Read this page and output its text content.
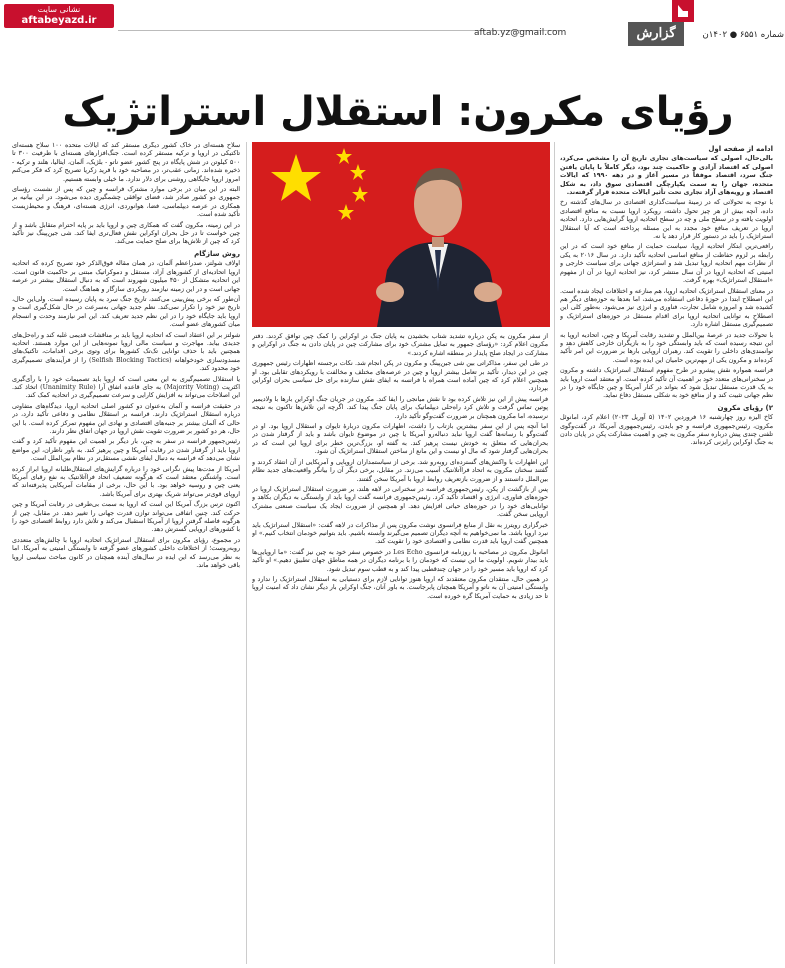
نشانی سایت
aftabeyazd.ir
aftab.yz@gmail.com	گزارش	شماره ۶۵۵۱ ● ۱۴۰۲ن
رؤیای مکرون: استقلال استراتژیک
ادامه از صفحه اول

بالی‌حال، اصولی که سیاست‌های تجاری تاریخ آن را مشخص می‌کرد، اصولی که اقتصاد آزادی و حاکمیت چند بود، دیگر کاملاً با پایان یافتن جنگ سرد، اقتصاد موفقاً در مسیر آغاز و در دهه ۱۹۹۰ که ایالات متحده، جهان را به سمت یکپارچگی اقتصادی سوق داد، به شکل اقتصاد و رویه‌های آزاد تجاری تحت تأثیر ایالات متحده قرار گرفته‌ند.

با توجه به تحولاتی که در زمینهٔ سیاست‌گذاری اقتصادی در سال‌های گذشته رخ داده، آنچه بیش از هر چیز تحول داشته، رویکرد اروپا نسبت به منافع اقتصادی اولویت یافته و در سطح ملی و چه در سطح اتحادیه اروپا گرایش‌هایی دارد. اتحادیه اروپا در تعریف منافع خود مجدد به این مسئله پرداخته است که آیا استقلال استراتژیک را باید در دستور کار قرار دهد یا نه.

رافعی‌ترین ابتکار اتحادیه اروپا، سیاست حمایت از منافع خود است که در این رابطه بر لزوم حفاظت از منافع اساسی اتحادیه تأکید دارد. در سال ۲۰۱۶ به یکی از نظرات مهم اتحادیه اروپا تبدیل شد و استراتژی جهانی برای سیاست خارجی و امنیتی که اتحادیه اروپا در آن سال منتشر کرد، نیز اتحادیه اروپا در آن از مفهوم «استقلال استراتژیک» بهره گرفت.

در معنای استقلال استراتژیک اتحادیه اروپا، هم منازعه و اختلافات ایجاد شده است. این اصطلاح ابتدا در حوزهٔ دفاعی استفاده می‌شد، اما بعدها به حوزه‌های دیگر هم کشیده شد و امروزه شامل تجارت، فناوری و انرژی نیز می‌شود. به‌طور کلی این اصطلاح به توانایی اتحادیه اروپا برای اقدام مستقل در حوزه‌های استراتژیک و تصمیم‌گیری مستقل اشاره دارد.

با تحولات جدید در عرصهٔ بین‌الملل و تشدید رقابت آمریکا و چین، اتحادیه اروپا به این نتیجه رسیده است که باید وابستگی خود را به بازیگران خارجی کاهش دهد و توانمندی‌های داخلی را تقویت کند. رهبران اروپایی بارها بر ضرورت این امر تأکید کرده‌اند و مکرون یکی از مهم‌ترین حامیان این ایده بوده است.

فرانسه همواره نقش پیشرو در طرح مفهوم استقلال استراتژیک داشته و مکرون در سخنرانی‌های متعدد خود بر اهمیت آن تأکید کرده است. او معتقد است اروپا باید به یک قدرت مستقل تبدیل شود که بتواند در کنار آمریکا و چین جایگاه خود را در نظم جهانی تثبیت کند و از منافع خود به شکلی مستقل دفاع نماید.

۲) رؤیای مکرون

کاخ الیزه روز چهارشنبه ۱۶ فروردین ۱۴۰۲ (۵ آوریل ۲۰۲۳) اعلام کرد، امانوئل مکرون، رئیس‌جمهوری فرانسه و جو بایدن، رئیس‌جمهوری آمریکا، در گفت‌وگوی تلفنی چندی پیش درباره سفر مکرون به چین و اهمیت مشارکت پکن در پایان دادن به جنگ اوکراین رایزنی کرده‌اند.

از سفر مکرون به پکن درباره تشدید شتاب بخشیدن به پایان جنگ در اوکراین را کمک چین توافق کردند. دفتر مکرون اعلام کرد: «رؤسای جمهور به تمایل مشترک خود برای مشارکت چین در پایان دادن به جنگ در اوکراین و مشارکت در ایجاد صلح پایدار در منطقه اشاره کردند.»

در طی این سفر، مذاکراتی بین شی جین‌پینگ و مکرون در پکن انجام شد. نکات برجسته اظهارات رئیس جمهوری چین در این دیدار، تأکید بر تعامل بیشتر اروپا و چین در عرصه‌های مختلف و مخالفت با رویکردهای تقابلی بود. او همچنین اعلام کرد که چین آماده است همراه با فرانسه به ایفای نقش سازنده برای حل سیاسی بحران اوکراین بپردازد.

فرانسه پیش از این نیز تلاش کرده بود تا نقش میانجی را ایفا کند. مکرون در جریان جنگ اوکراین بارها با ولادیمیر پوتین تماس گرفت و تلاش کرد راه‌حلی دیپلماتیک برای پایان جنگ پیدا کند. اگرچه این تلاش‌ها تاکنون به نتیجه نرسیده، اما مکرون همچنان بر ضرورت گفت‌وگو تأکید دارد.

اما آنچه پس از این سفر بیشترین بازتاب را داشت، اظهارات مکرون دربارهٔ تایوان و استقلال اروپا بود. او در گفت‌وگو با رسانه‌ها گفت اروپا نباید دنباله‌رو آمریکا یا چین در موضوع تایوان باشد و باید از گرفتار شدن در بحران‌هایی که متعلق به خودش نیست پرهیز کند. به گفته او، بزرگ‌ترین خطر برای اروپا این است که در بحران‌هایی گرفتار شود که مال او نیست و این مانع از ساختن استقلال استراتژیک آن شود.

این اظهارات با واکنش‌های گسترده‌ای روبه‌رو شد. برخی از سیاستمداران اروپایی و آمریکایی از آن انتقاد کردند و گفتند سخنان مکرون به اتحاد فراآتلانتیک آسیب می‌زند. در مقابل، برخی دیگر آن را بیانگر واقعیت‌های جدید نظام بین‌الملل دانستند و از ضرورت بازتعریف روابط اروپا با آمریکا سخن گفتند.

پس از بازگشت از پکن، رئیس‌جمهوری فرانسه در سخنرانی در لاهه هلند، بر ضرورت استقلال استراتژیک اروپا در حوزه‌های فناوری، انرژی و اقتصاد تأکید کرد. رئیس‌جمهوری فرانسه گفت اروپا باید از وابستگی به دیگران بکاهد و توانایی‌های خود را در حوزه‌های حیاتی افزایش دهد. او همچنین از ضرورت ایجاد یک سیاست صنعتی مشترک اروپایی سخن گفت.

خبرگزاری رویترز به نقل از منابع فرانسوی نوشت مکرون پس از مذاکرات در لاهه گفت: «استقلال استراتژیک باید نبرد اروپا باشد. ما نمی‌خواهیم به آنچه دیگران تصمیم می‌گیرند وابسته باشیم. باید بتوانیم خودمان انتخاب کنیم.» او همچنین گفت اروپا باید قدرت نظامی و اقتصادی خود را تقویت کند.

امانوئل مکرون در مصاحبه با روزنامه فرانسوی Les Echo در خصوص سفر خود به چین نیز گفت: «ما اروپایی‌ها باید بیدار شویم. اولویت ما این نیست که خودمان را با برنامه دیگران در همه مناطق جهان تطبیق دهیم.» او تأکید کرد که اروپا باید مسیر خود را در جهان چندقطبی پیدا کند و به قطب سوم تبدیل شود.

در همین حال، منتقدان مکرون معتقدند که اروپا هنوز توانایی لازم برای دستیابی به استقلال استراتژیک را ندارد و وابستگی امنیتی آن به ناتو و آمریکا همچنان پابرجاست. به باور آنان، جنگ اوکراین بار دیگر نشان داد که امنیت اروپا تا حد زیادی به حمایت آمریکا گره خورده است.

سلاح هسته‌ای در خاک کشور دیگری مستقر کند که ایالات متحده ۱۰۰ سلاح هسته‌ای تاکتیکی در اروپا و ترکیه مستقر کرده است. جنگ‌افزارهای هسته‌ای با ظرفیت ۳۰۰ تا ۵۰۰ کیلوتن در شش پایگاه در پنج کشور عضو ناتو - بلژیک، آلمان، ایتالیا، هلند و ترکیه - ذخیره شده‌اند. زمانی عقب‌تر، در مصاحبه خود با فرید زکریا تصریح کرد که فکر می‌کنم امروز اروپا جایگاهی روشنی برای دلار ندارد. ما خیلی وابسته هستیم.

البته در این میان در برخی موارد مشترک فرانسه و چین که پس از نشست رؤسای جمهوری دو کشور صادر شد، فضای توافقی چشمگیری دیده می‌شود. در این بیانیه بر همکاری در عرصه دیپلماسی، فضا، هوانوردی، انرژی هسته‌ای، فرهنگ و محیط‌زیست تأکید شده است.

در این زمینه، مکرون گفت که همکاری چین و اروپا باید بر پایه احترام متقابل باشد و از چین خواست تا در حل بحران اوکراین نقش فعال‌تری ایفا کند. شی جین‌پینگ نیز تأکید کرد که چین از تلاش‌ها برای صلح حمایت می‌کند.

روش سازگام

اولاف شولتز، صدراعظم آلمان، در همان مقاله فوق‌الذکر خود تصریح کرده که اتحادیه اروپا اتحادیه‌ای از کشورهای آزاد، مستقل و دموکراتیک مبتنی بر حاکمیت قانون است. این اتحادیه متشکل از ۴۵۰ میلیون شهروند است که به دنبال استقلال بیشتر در عرصه جهانی است و در این زمینه نیازمند رویکردی سازگار و هماهنگ است.

آن‌طور که برخی پیش‌بینی می‌کنند، تاریخ جنگ سرد به پایان رسیده است. ولی‌این حال، تاریخ نیز خود را تکرار نمی‌کند. نظم جدید جهانی به‌سرعت در حال شکل‌گیری است و اروپا باید جایگاه خود را در این نظم جدید تعریف کند. این امر نیازمند وحدت و انسجام میان کشورهای عضو است.

شولتز بر این اعتقاد است که اتحادیه اروپا باید بر مناقشات قدیمی غلبه کند و راه‌حل‌های جدیدی بیابد. مهاجرت و سیاست مالی اروپا نمونه‌هایی از این موارد هستند. اتحادیه همچنین باید با حذف توانایی تک‌تک کشورها برای وتوی برخی اقدامات، تاکتیک‌های مسدودسازی خودخواهانه (Selfish Blocking Tactics) را از فرآیندهای تصمیم‌گیری خود محدود کند.

یا استقلال تصمیم‌گیری به این معنی است که اروپا باید تصمیمات خود را با رأی‌گیری اکثریت (Majority Voting) به جای قاعده اتفاق آرا (Unanimity Rule) اتخاذ کند. این اصلاحات می‌تواند به افزایش کارایی و سرعت تصمیم‌گیری در اتحادیه کمک کند.

در حقیقت فرانسه و آلمان به‌عنوان دو کشور اصلی اتحادیه اروپا، دیدگاه‌های متفاوتی درباره استقلال استراتژیک دارند. فرانسه بر استقلال نظامی و دفاعی تأکید دارد، در حالی که آلمان بیشتر بر جنبه‌های اقتصادی و نهادی این مفهوم تمرکز کرده است. با این حال، هر دو کشور بر ضرورت تقویت نقش اروپا در جهان اتفاق نظر دارند.

رئیس‌جمهور فرانسه در سفر به چین، بار دیگر بر اهمیت این مفهوم تأکید کرد و گفت اروپا باید از گرفتار شدن در رقابت آمریکا و چین پرهیز کند. به باور ناظران، این مواضع نشان می‌دهد که فرانسه به دنبال ایفای نقشی مستقل‌تر در نظام بین‌الملل است.

آمریکا از مدت‌ها پیش نگرانی خود را درباره گرایش‌های استقلال‌طلبانه اروپا ابراز کرده است. واشنگتن معتقد است که هرگونه تضعیف اتحاد فراآتلانتیک به نفع رقبای آمریکا یعنی چین و روسیه خواهد بود. با این حال، برخی از مقامات آمریکایی پذیرفته‌اند که اروپای قوی‌تر می‌تواند شریک بهتری برای آمریکا باشد.

اکنون ترس بزرگ آمریکا این است که اروپا به سمت بی‌طرفی در رقابت آمریکا و چین حرکت کند. چنین اتفاقی می‌تواند توازن قدرت جهانی را تغییر دهد. در مقابل، چین از هرگونه فاصله گرفتن اروپا از آمریکا استقبال می‌کند و تلاش دارد روابط اقتصادی خود را با کشورهای اروپایی گسترش دهد.

در مجموع، رؤیای مکرون برای استقلال استراتژیک اتحادیه اروپا با چالش‌های متعددی روبه‌روست؛ از اختلافات داخلی کشورهای عضو گرفته تا وابستگی امنیتی به آمریکا. اما به نظر می‌رسد که این ایده در سال‌های آینده همچنان در کانون مباحث سیاسی اروپا باقی خواهد ماند.
